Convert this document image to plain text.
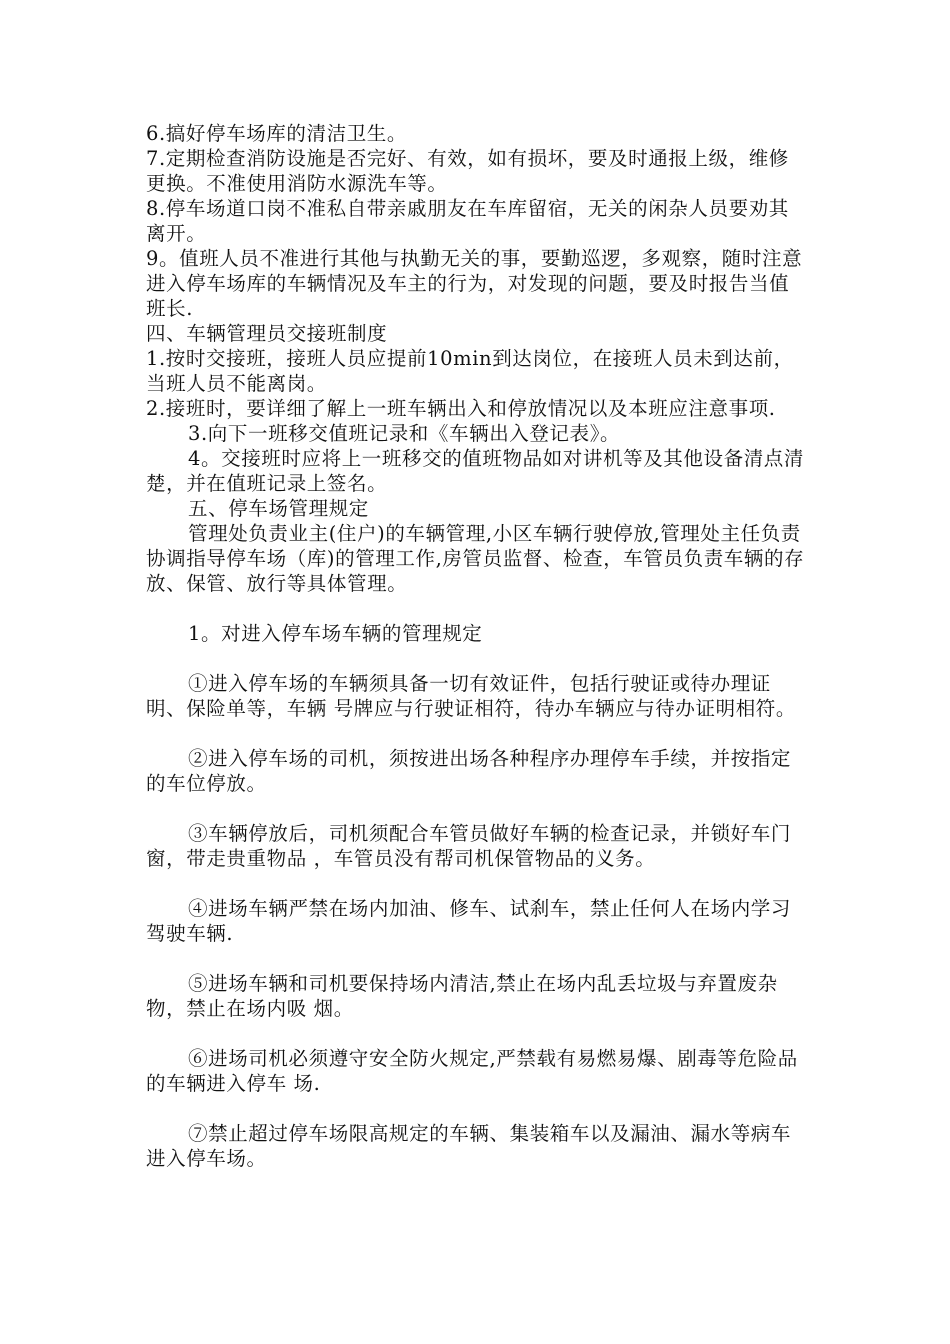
6.搞好停车场库的清洁卫生。

7.定期检查消防设施是否完好、有效，如有损坏，要及时通报上级，维修更换。不准使用消防水源洗车等。

8.停车场道口岗不准私自带亲戚朋友在车库留宿，无关的闲杂人员要劝其离开。

9。值班人员不准进行其他与执勤无关的事，要勤巡逻，多观察，随时注意进入停车场库的车辆情况及车主的行为，对发现的问题，要及时报告当值班长.

四、车辆管理员交接班制度

1.按时交接班，接班人员应提前10min到达岗位，在接班人员未到达前，当班人员不能离岗。

2.接班时，要详细了解上一班车辆出入和停放情况以及本班应注意事项.

3.向下一班移交值班记录和《车辆出入登记表》。

4。交接班时应将上一班移交的值班物品如对讲机等及其他设备清点清楚，并在值班记录上签名。

五、停车场管理规定

管理处负责业主(住户)的车辆管理,小区车辆行驶停放,管理处主任负责协调指导停车场（库)的管理工作,房管员监督、检查，车管员负责车辆的存放、保管、放行等具体管理。

1。对进入停车场车辆的管理规定

①进入停车场的车辆须具备一切有效证件，包括行驶证或待办理证明、保险单等，车辆 号牌应与行驶证相符，待办车辆应与待办证明相符。

②进入停车场的司机，须按进出场各种程序办理停车手续，并按指定的车位停放。

③车辆停放后，司机须配合车管员做好车辆的检查记录，并锁好车门窗，带走贵重物品 ，车管员没有帮司机保管物品的义务。

④进场车辆严禁在场内加油、修车、试刹车，禁止任何人在场内学习驾驶车辆.

⑤进场车辆和司机要保持场内清洁,禁止在场内乱丢垃圾与弃置废杂物，禁止在场内吸 烟。

⑥进场司机必须遵守安全防火规定,严禁载有易燃易爆、剧毒等危险品的车辆进入停车 场.

⑦禁止超过停车场限高规定的车辆、集装箱车以及漏油、漏水等病车进入停车场。
